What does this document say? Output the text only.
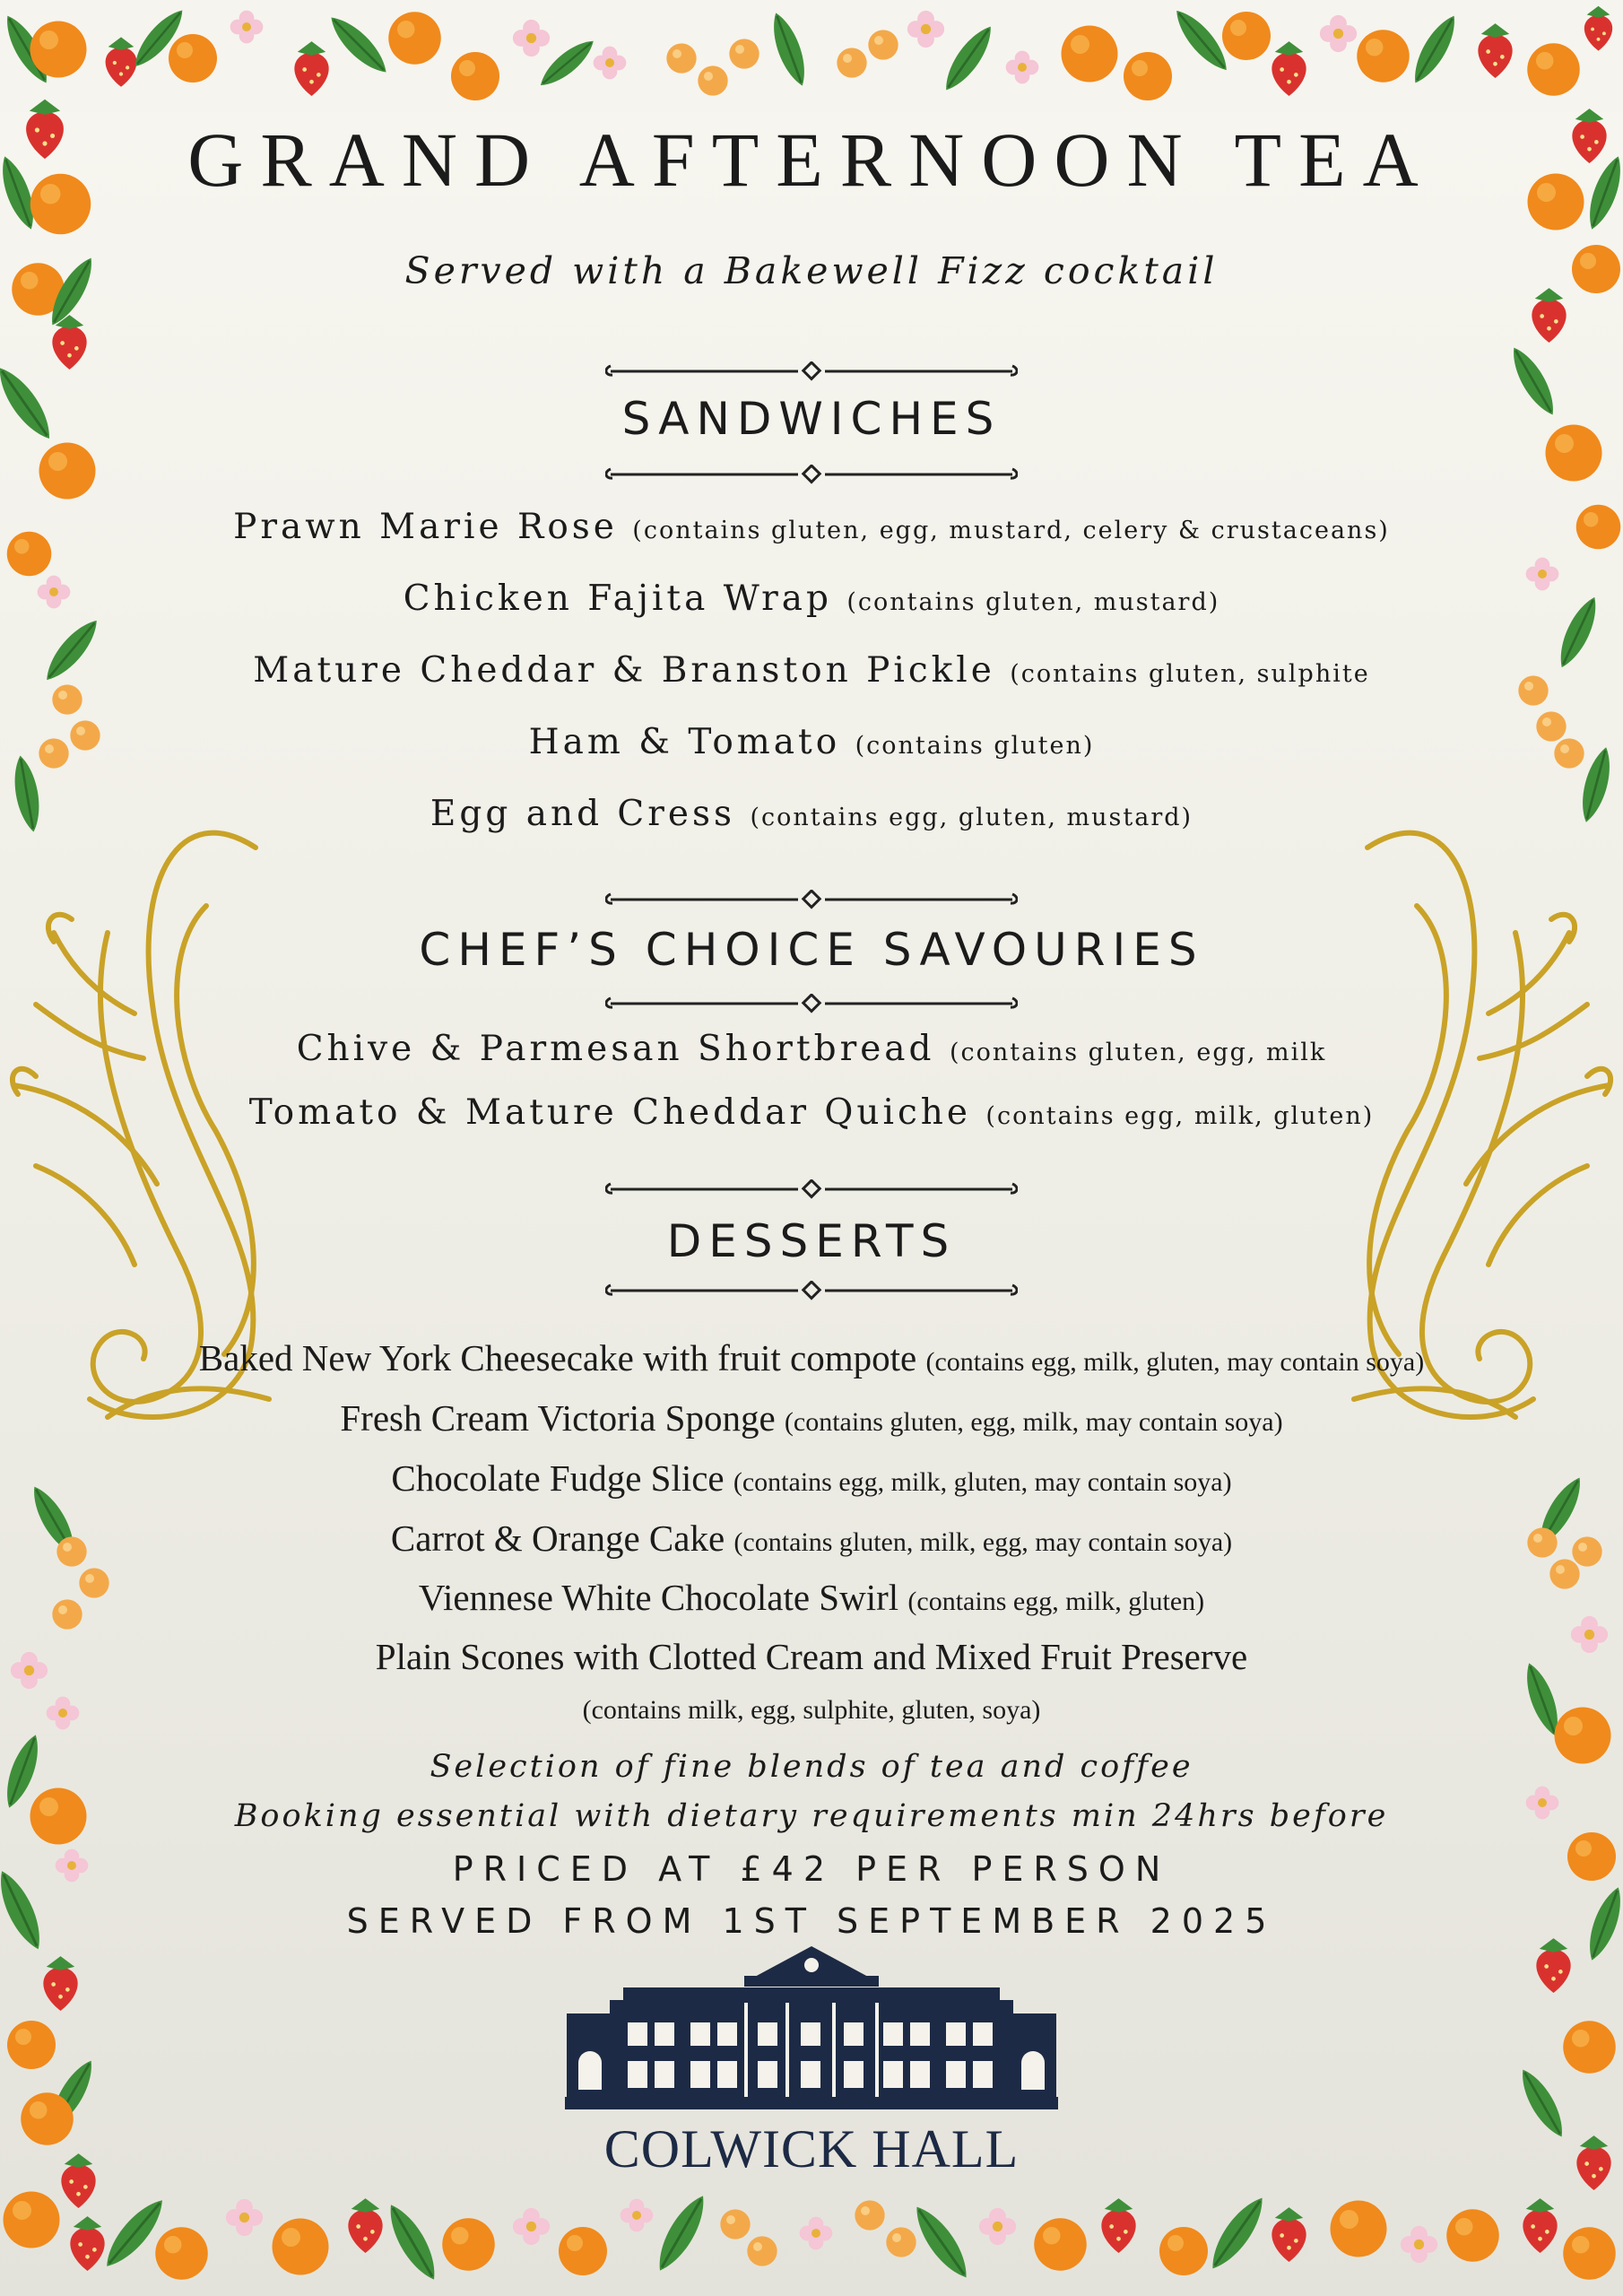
GRAND AFTERNOON TEA
Served with a Bakewell Fizz cocktail
SANDWICHES
Prawn Marie Rose (contains gluten, egg, mustard, celery & crustaceans)
Chicken Fajita Wrap (contains gluten, mustard)
Mature Cheddar & Branston Pickle (contains gluten, sulphite
Ham & Tomato (contains gluten)
Egg and Cress (contains egg, gluten, mustard)
CHEF’S CHOICE SAVOURIES
Chive & Parmesan Shortbread (contains gluten, egg, milk
Tomato & Mature Cheddar Quiche (contains egg, milk, gluten)
DESSERTS
Baked New York Cheesecake with fruit compote (contains egg, milk, gluten, may contain soya)
Fresh Cream Victoria Sponge (contains gluten, egg, milk, may contain soya)
Chocolate Fudge Slice (contains egg, milk, gluten, may contain soya)
Carrot & Orange Cake (contains gluten, milk, egg, may contain soya)
Viennese White Chocolate Swirl (contains egg, milk, gluten)
Plain Scones with Clotted Cream and Mixed Fruit Preserve
(contains milk, egg, sulphite, gluten, soya)
Selection of fine blends of tea and coffee
Booking essential with dietary requirements min 24hrs before
PRICED AT £42 PER PERSON
SERVED FROM 1ST SEPTEMBER 2025
COLWICK HALL
